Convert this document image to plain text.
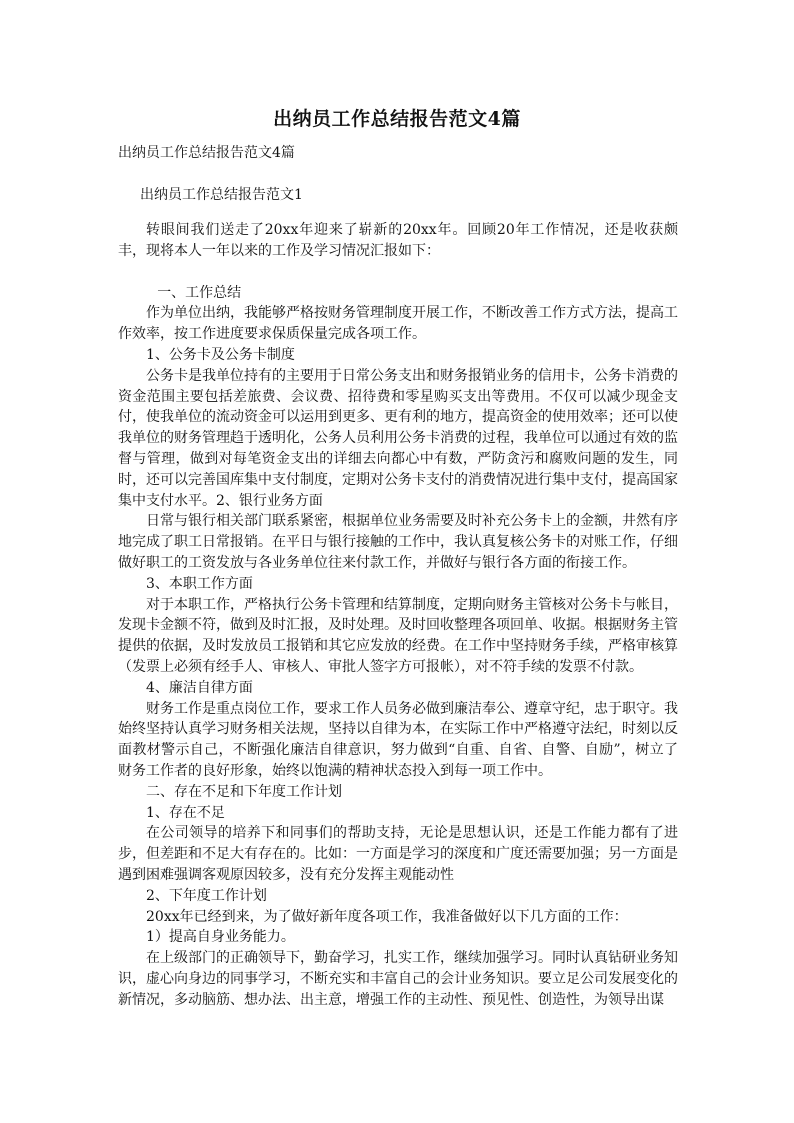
出纳员工作总结报告范文4篇
出纳员工作总结报告范文4篇
出纳员工作总结报告范文1

转眼间我们送走了20xx年迎来了崭新的20xx年。回顾20年工作情况，还是收获颇丰，现将本人一年以来的工作及学习情况汇报如下：

一、工作总结

作为单位出纳，我能够严格按财务管理制度开展工作，不断改善工作方式方法，提高工作效率，按工作进度要求保质保量完成各项工作。

1、公务卡及公务卡制度

公务卡是我单位持有的主要用于日常公务支出和财务报销业务的信用卡，公务卡消费的资金范围主要包括差旅费、会议费、招待费和零星购买支出等费用。不仅可以减少现金支付，使我单位的流动资金可以运用到更多、更有利的地方，提高资金的使用效率；还可以使我单位的财务管理趋于透明化，公务人员利用公务卡消费的过程，我单位可以通过有效的监督与管理，做到对每笔资金支出的详细去向都心中有数，严防贪污和腐败问题的发生，同时，还可以完善国库集中支付制度，定期对公务卡支付的消费情况进行集中支付，提高国家集中支付水平。2、银行业务方面

日常与银行相关部门联系紧密，根据单位业务需要及时补充公务卡上的金额，井然有序地完成了职工日常报销。在平日与银行接触的工作中，我认真复核公务卡的对账工作，仔细做好职工的工资发放与各业务单位往来付款工作，并做好与银行各方面的衔接工作。

3、本职工作方面

对于本职工作，严格执行公务卡管理和结算制度，定期向财务主管核对公务卡与帐目，发现卡金额不符，做到及时汇报，及时处理。及时回收整理各项回单、收据。根据财务主管提供的依据，及时发放员工报销和其它应发放的经费。在工作中坚持财务手续，严格审核算（发票上必须有经手人、审核人、审批人签字方可报帐），对不符手续的发票不付款。

4、廉洁自律方面

财务工作是重点岗位工作，要求工作人员务必做到廉洁奉公、遵章守纪，忠于职守。我始终坚持认真学习财务相关法规，坚持以自律为本，在实际工作中严格遵守法纪，时刻以反面教材警示自己，不断强化廉洁自律意识，努力做到“自重、自省、自警、自励”，树立了财务工作者的良好形象，始终以饱满的精神状态投入到每一项工作中。

二、存在不足和下年度工作计划

1、存在不足

在公司领导的培养下和同事们的帮助支持，无论是思想认识，还是工作能力都有了进步，但差距和不足大有存在的。比如：一方面是学习的深度和广度还需要加强；另一方面是遇到困难强调客观原因较多，没有充分发挥主观能动性

2、下年度工作计划

20xx年已经到来，为了做好新年度各项工作，我准备做好以下几方面的工作：

1）提高自身业务能力。

在上级部门的正确领导下，勤奋学习，扎实工作，继续加强学习。同时认真钻研业务知识，虚心向身边的同事学习，不断充实和丰富自己的会计业务知识。要立足公司发展变化的新情况，多动脑筋、想办法、出主意，增强工作的主动性、预见性、创造性，为领导出谋
